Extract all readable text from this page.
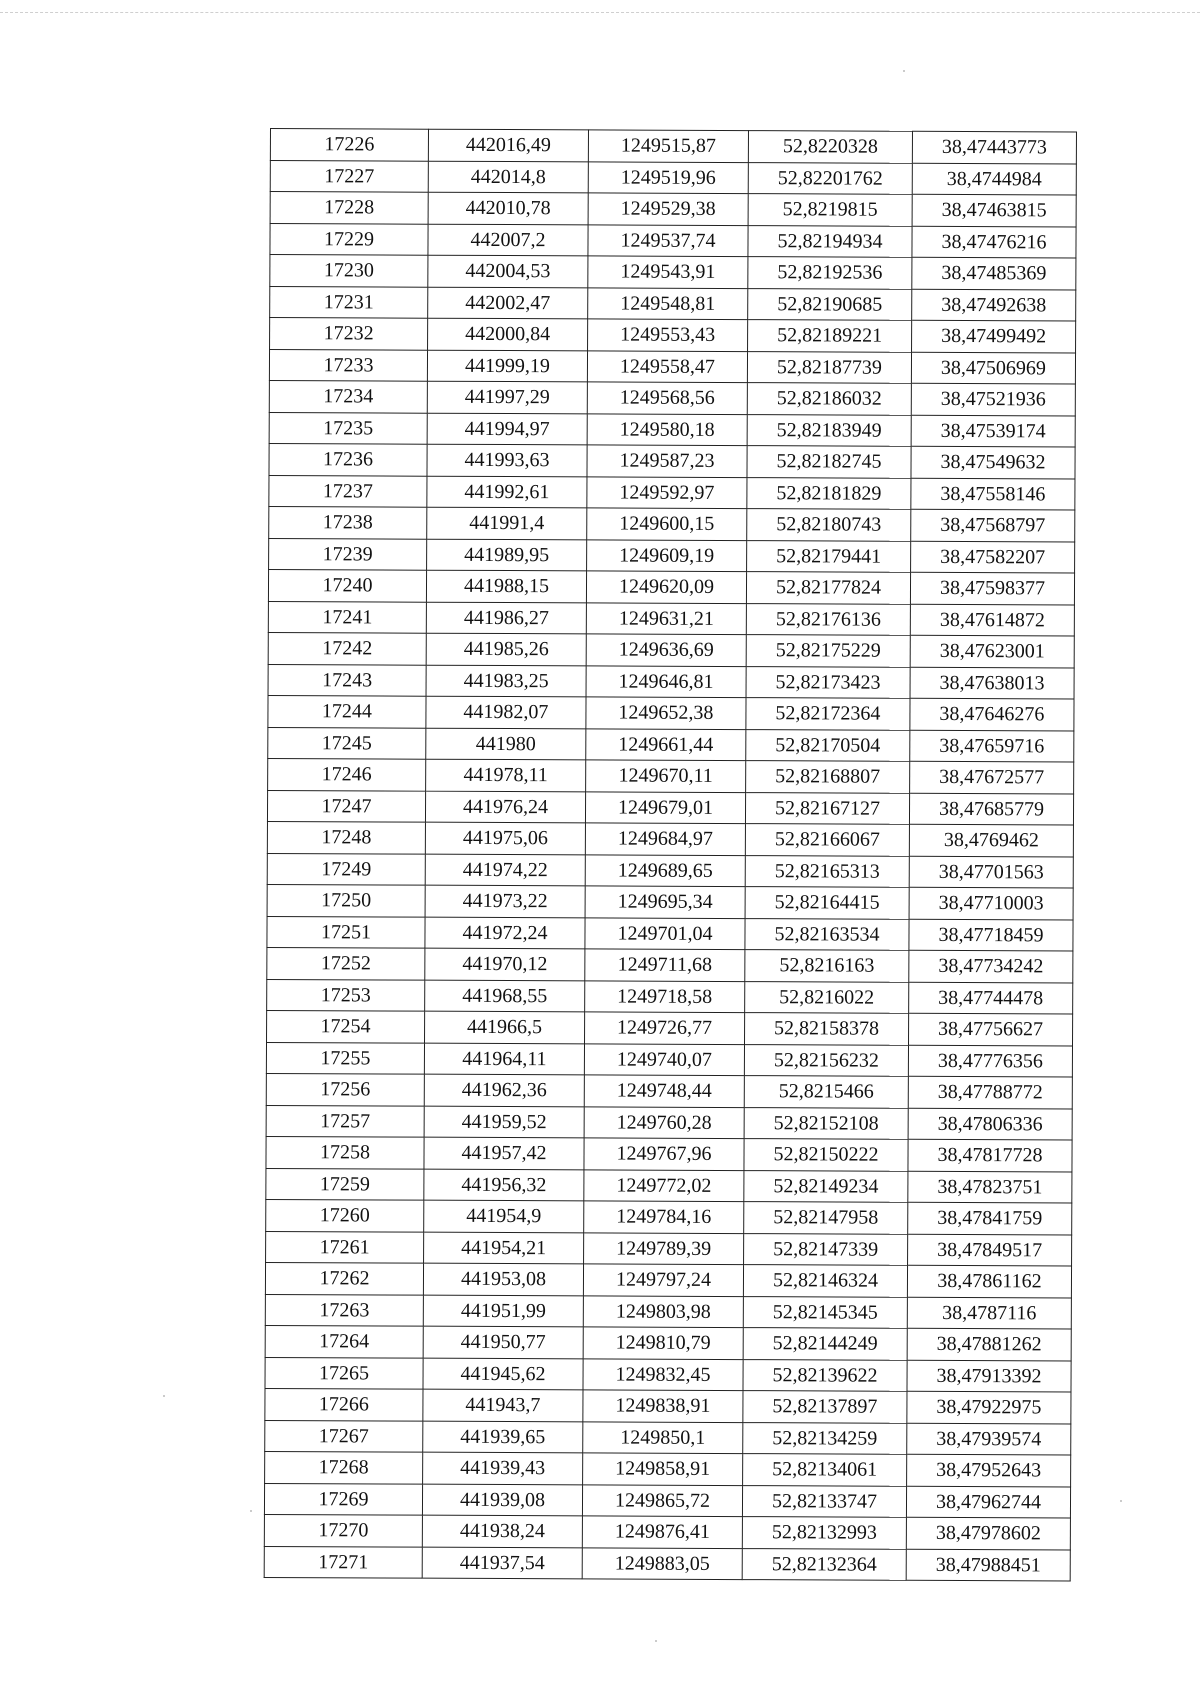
17226	442016,49	1249515,87	52,8220328	38,47443773
17227	442014,8	1249519,96	52,82201762	38,4744984
17228	442010,78	1249529,38	52,8219815	38,47463815
17229	442007,2	1249537,74	52,82194934	38,47476216
17230	442004,53	1249543,91	52,82192536	38,47485369
17231	442002,47	1249548,81	52,82190685	38,47492638
17232	442000,84	1249553,43	52,82189221	38,47499492
17233	441999,19	1249558,47	52,82187739	38,47506969
17234	441997,29	1249568,56	52,82186032	38,47521936
17235	441994,97	1249580,18	52,82183949	38,47539174
17236	441993,63	1249587,23	52,82182745	38,47549632
17237	441992,61	1249592,97	52,82181829	38,47558146
17238	441991,4	1249600,15	52,82180743	38,47568797
17239	441989,95	1249609,19	52,82179441	38,47582207
17240	441988,15	1249620,09	52,82177824	38,47598377
17241	441986,27	1249631,21	52,82176136	38,47614872
17242	441985,26	1249636,69	52,82175229	38,47623001
17243	441983,25	1249646,81	52,82173423	38,47638013
17244	441982,07	1249652,38	52,82172364	38,47646276
17245	441980	1249661,44	52,82170504	38,47659716
17246	441978,11	1249670,11	52,82168807	38,47672577
17247	441976,24	1249679,01	52,82167127	38,47685779
17248	441975,06	1249684,97	52,82166067	38,4769462
17249	441974,22	1249689,65	52,82165313	38,47701563
17250	441973,22	1249695,34	52,82164415	38,47710003
17251	441972,24	1249701,04	52,82163534	38,47718459
17252	441970,12	1249711,68	52,8216163	38,47734242
17253	441968,55	1249718,58	52,8216022	38,47744478
17254	441966,5	1249726,77	52,82158378	38,47756627
17255	441964,11	1249740,07	52,82156232	38,47776356
17256	441962,36	1249748,44	52,8215466	38,47788772
17257	441959,52	1249760,28	52,82152108	38,47806336
17258	441957,42	1249767,96	52,82150222	38,47817728
17259	441956,32	1249772,02	52,82149234	38,47823751
17260	441954,9	1249784,16	52,82147958	38,47841759
17261	441954,21	1249789,39	52,82147339	38,47849517
17262	441953,08	1249797,24	52,82146324	38,47861162
17263	441951,99	1249803,98	52,82145345	38,4787116
17264	441950,77	1249810,79	52,82144249	38,47881262
17265	441945,62	1249832,45	52,82139622	38,47913392
17266	441943,7	1249838,91	52,82137897	38,47922975
17267	441939,65	1249850,1	52,82134259	38,47939574
17268	441939,43	1249858,91	52,82134061	38,47952643
17269	441939,08	1249865,72	52,82133747	38,47962744
17270	441938,24	1249876,41	52,82132993	38,47978602
17271	441937,54	1249883,05	52,82132364	38,47988451
